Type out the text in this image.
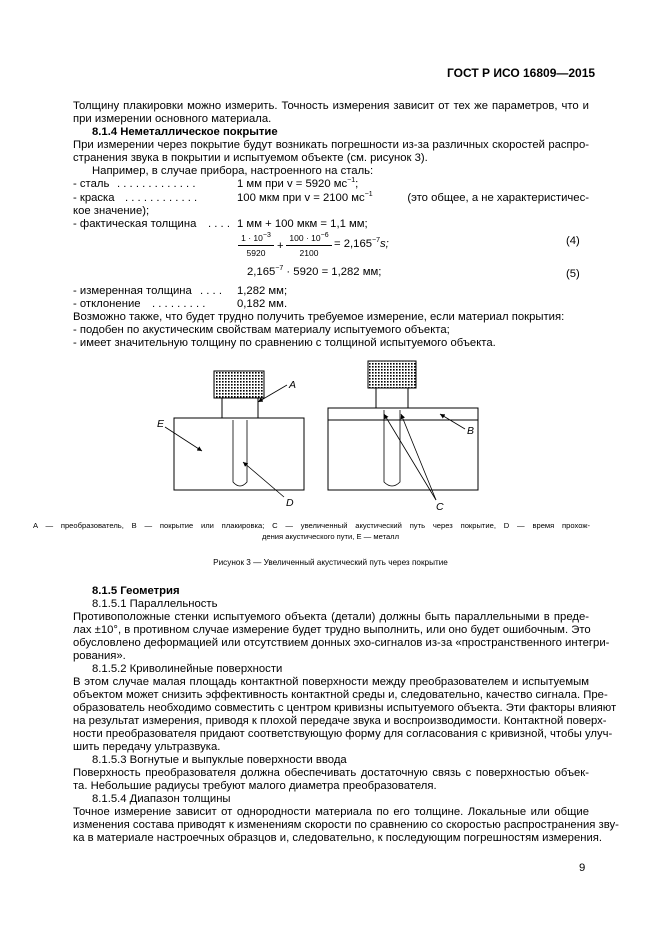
ГОСТ Р ИСО 16809—2015
Толщину плакировки можно измерить. Точность измерения зависит от тех же параметров, что и
при измерении основного материала.
8.1.4 Неметаллическое покрытие
При измерении через покрытие будут возникать погрешности из-за различных скоростей распро-
странения звука в покрытии и испытуемом объекте (см. рисунок 3).
Например, в случае прибора, настроенного на сталь:
- сталь . . . . . . . . . . . . .	1 мм при v = 5920 $мс^{-1}$;
- краска . . . . . . . . . . . .	100 мкм при v = 2100 $мс^{-1}$	(это общее, а не характеристичес-
кое значение);
- фактическая толщина . . . . 1 мм + 100 мкм = 1,1 мм;
$1 \cdot 10^{-3}$
5920
+
$100 \cdot 10^{-6}$
2100
= $2,165^{-7}s$;	(4)
$2,165^{-7} \cdot 5920 = 1,282$ мм;	(5)
- измеренная толщина . . . . 1,282 мм;
- отклонение . . . . . . . . .	0,182 мм.
Возможно также, что будет трудно получить требуемое измерение, если материал покрытия:
- подобен по акустическим свойствам материалу испытуемого объекта;
- имеет значительную толщину по сравнению с толщиной испытуемого объекта.
A
E
D
B
C
A — преобразователь, B — покрытие или плакировка; C — увеличенный акустический путь через покрытие, D — время прохож-
дения акустического пути, E — металл
Рисунок 3 — Увеличенный акустический путь через покрытие
8.1.5 Геометрия
8.1.5.1 Параллельность
Противоположные стенки испытуемого объекта (детали) должны быть параллельными в преде-
лах ±10°, в противном случае измерение будет трудно выполнить, или оно будет ошибочным. Это
обусловлено деформацией или отсутствием донных эхо-сигналов из-за «пространственного интегри-
рования».
8.1.5.2 Криволинейные поверхности
В этом случае малая площадь контактной поверхности между преобразователем и испытуемым
объектом может снизить эффективность контактной среды и, следовательно, качество сигнала. Пре-
образователь необходимо совместить с центром кривизны испытуемого объекта. Эти факторы влияют
на результат измерения, приводя к плохой передаче звука и воспроизводимости. Контактной поверх-
ности преобразователя придают соответствующую форму для согласования с кривизной, чтобы улуч-
шить передачу ультразвука.
8.1.5.3 Вогнутые и выпуклые поверхности ввода
Поверхность преобразователя должна обеспечивать достаточную связь с поверхностью объек-
та. Небольшие радиусы требуют малого диаметра преобразователя.
8.1.5.4 Диапазон толщины
Точное измерение зависит от однородности материала по его толщине. Локальные или общие
изменения состава приводят к изменениям скорости по сравнению со скоростью распространения зву-
ка в материале настроечных образцов и, следовательно, к последующим погрешностям измерения.
9
